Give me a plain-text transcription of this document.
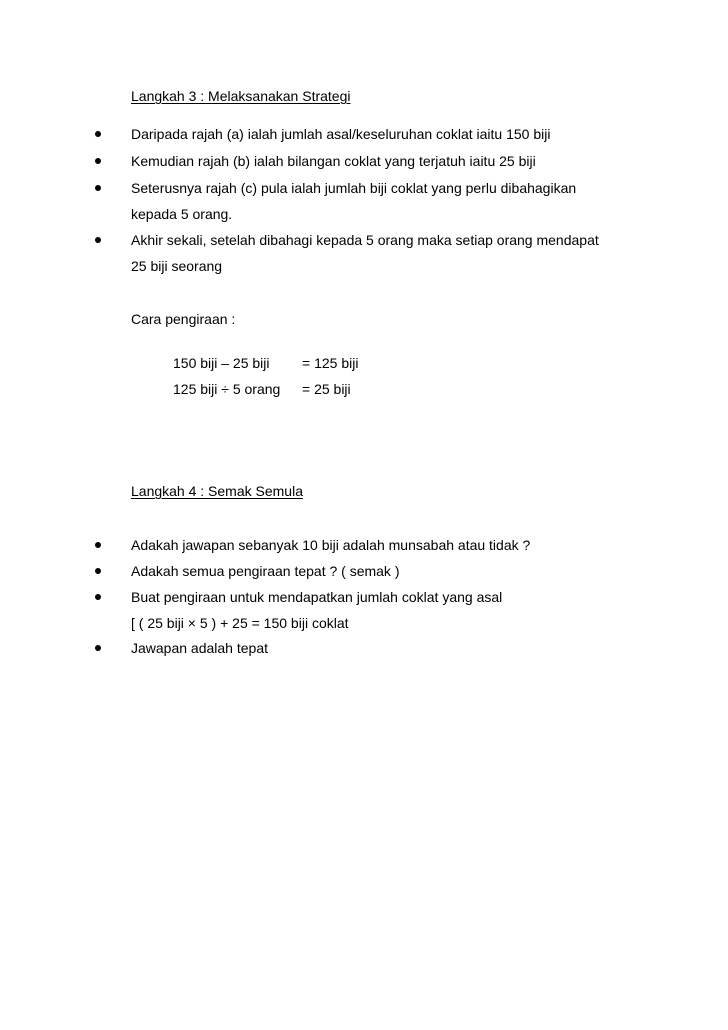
Langkah 3 : Melaksanakan Strategi
Daripada rajah (a) ialah jumlah asal/keseluruhan coklat iaitu 150 biji
Kemudian rajah (b) ialah bilangan coklat yang terjatuh iaitu 25 biji
Seterusnya rajah (c) pula ialah jumlah biji coklat yang perlu dibahagikan
kepada 5 orang.
Akhir sekali, setelah dibahagi kepada 5 orang maka setiap orang mendapat
25 biji seorang
Cara pengiraan :
150 biji – 25 biji = 125 biji
125 biji ÷ 5 orang = 25 biji
Langkah 4 : Semak Semula
Adakah jawapan sebanyak 10 biji adalah munsabah atau tidak ?
Adakah semua pengiraan tepat ? ( semak )
Buat pengiraan untuk mendapatkan jumlah coklat yang asal
[ ( 25 biji × 5 ) + 25 = 150 biji coklat
Jawapan adalah tepat
